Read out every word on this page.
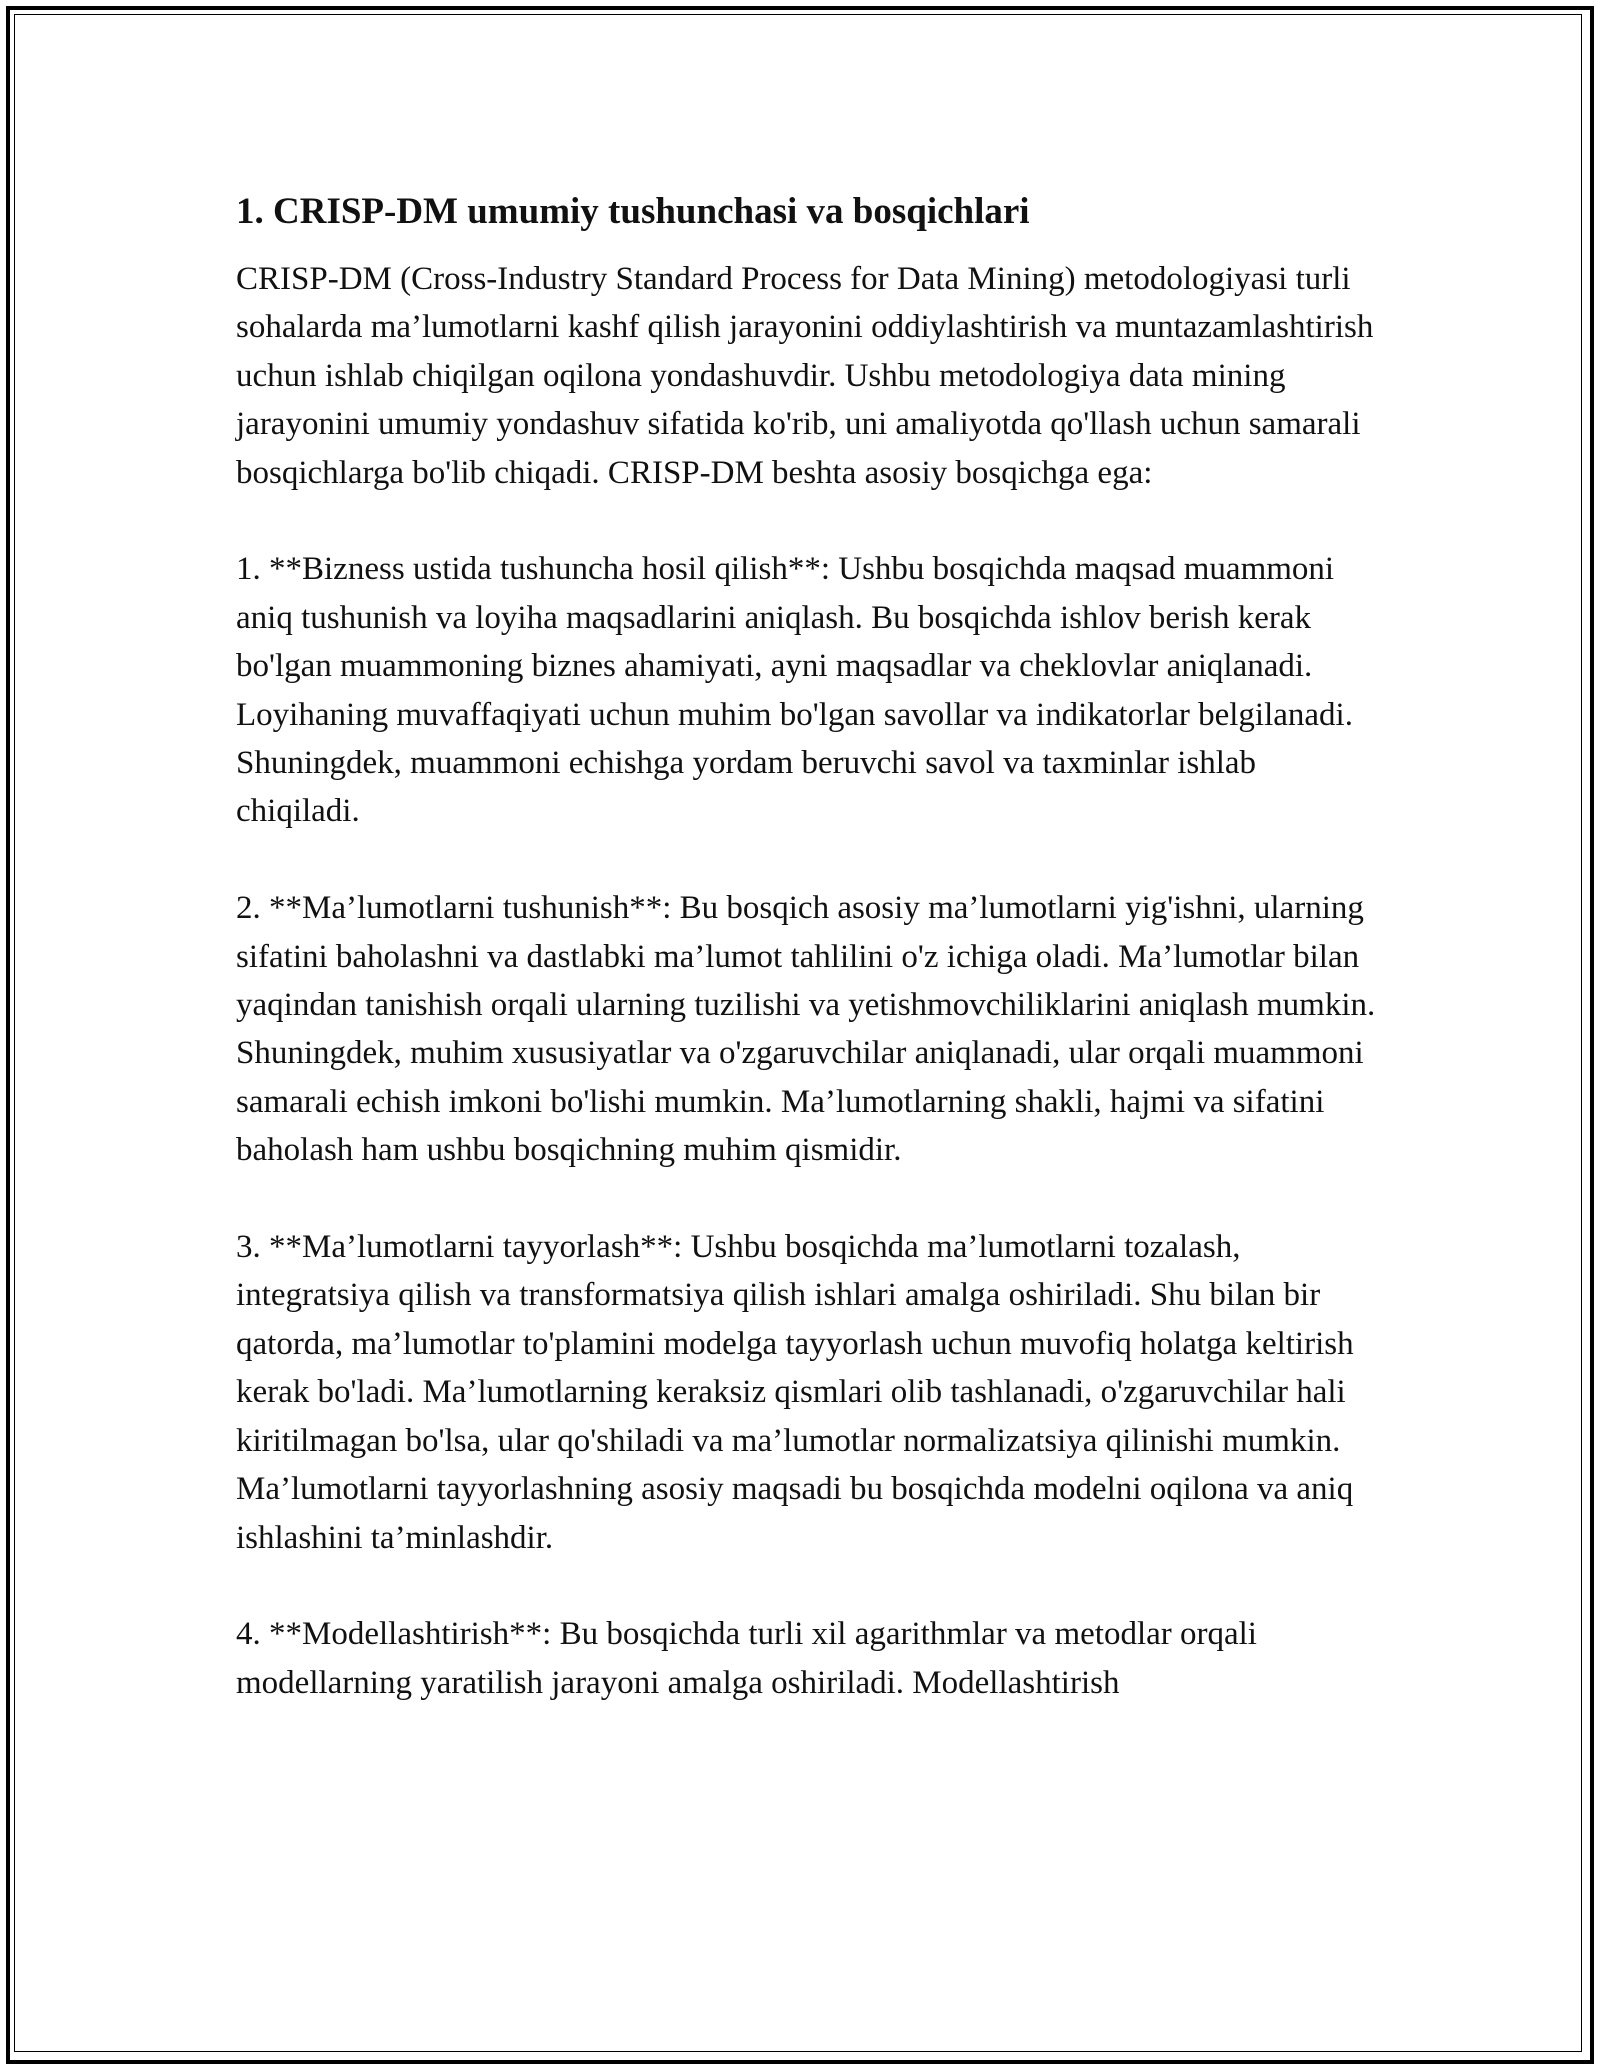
1. CRISP-DM umumiy tushunchasi va bosqichlari

CRISP-DM (Cross-Industry Standard Process for Data Mining) metodologiyasi turli sohalarda ma’lumotlarni kashf qilish jarayonini oddiylashtirish va muntazamlashtirish uchun ishlab chiqilgan oqilona yondashuvdir. Ushbu metodologiya data mining jarayonini umumiy yondashuv sifatida ko'rib, uni amaliyotda qo'llash uchun samarali bosqichlarga bo'lib chiqadi. CRISP-DM beshta asosiy bosqichga ega:

1. **Bizness ustida tushuncha hosil qilish**: Ushbu bosqichda maqsad muammoni aniq tushunish va loyiha maqsadlarini aniqlash. Bu bosqichda ishlov berish kerak bo'lgan muammoning biznes ahamiyati, ayni maqsadlar va cheklovlar aniqlanadi. Loyihaning muvaffaqiyati uchun muhim bo'lgan savollar va indikatorlar belgilanadi. Shuningdek, muammoni echishga yordam beruvchi savol va taxminlar ishlab chiqiladi.

2. **Ma’lumotlarni tushunish**: Bu bosqich asosiy ma’lumotlarni yig'ishni, ularning sifatini baholashni va dastlabki ma’lumot tahlilini o'z ichiga oladi. Ma’lumotlar bilan yaqindan tanishish orqali ularning tuzilishi va yetishmovchiliklarini aniqlash mumkin. Shuningdek, muhim xususiyatlar va o'zgaruvchilar aniqlanadi, ular orqali muammoni samarali echish imkoni bo'lishi mumkin. Ma’lumotlarning shakli, hajmi va sifatini baholash ham ushbu bosqichning muhim qismidir.

3. **Ma’lumotlarni tayyorlash**: Ushbu bosqichda ma’lumotlarni tozalash, integratsiya qilish va transformatsiya qilish ishlari amalga oshiriladi. Shu bilan bir qatorda, ma’lumotlar to'plamini modelga tayyorlash uchun muvofiq holatga keltirish kerak bo'ladi. Ma’lumotlarning keraksiz qismlari olib tashlanadi, o'zgaruvchilar hali kiritilmagan bo'lsa, ular qo'shiladi va ma’lumotlar normalizatsiya qilinishi mumkin. Ma’lumotlarni tayyorlashning asosiy maqsadi bu bosqichda modelni oqilona va aniq ishlashini ta’minlashdir.

4. **Modellashtirish**: Bu bosqichda turli xil agarithmlar va metodlar orqali modellarning yaratilish jarayoni amalga oshiriladi. Modellashtirish
